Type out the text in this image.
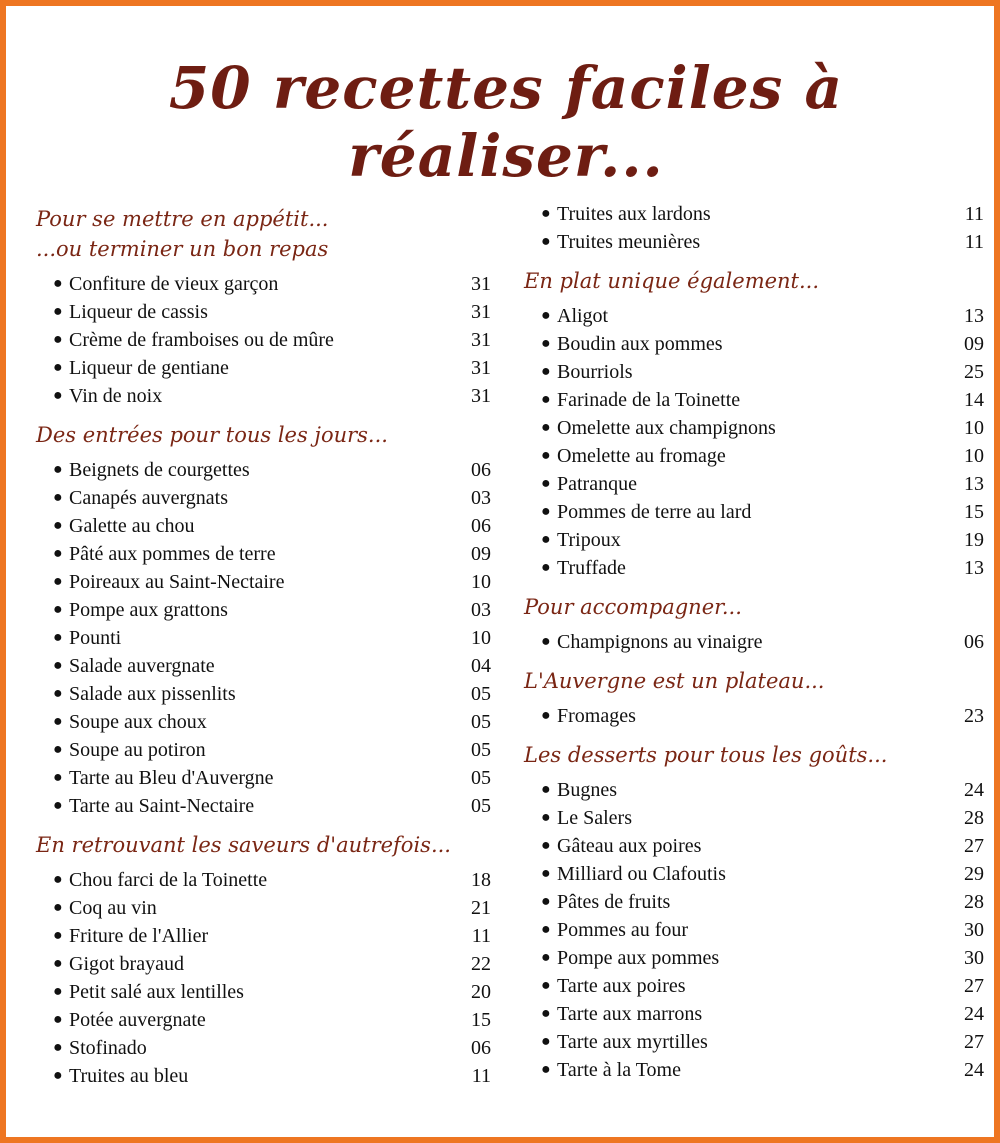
50 recettes faciles à réaliser...
Pour se mettre en appétit...
...ou terminer un bon repas
● Confiture de vieux garçon	31
● Liqueur de cassis	31
● Crème de framboises ou de mûre	31
● Liqueur de gentiane	31
● Vin de noix	31
Des entrées pour tous les jours...
● Beignets de courgettes	06
● Canapés auvergnats	03
● Galette au chou	06
● Pâté aux pommes de terre	09
● Poireaux au Saint-Nectaire	10
● Pompe aux grattons	03
● Pounti	10
● Salade auvergnate	04
● Salade aux pissenlits	05
● Soupe aux choux	05
● Soupe au potiron	05
● Tarte au Bleu d'Auvergne	05
● Tarte au Saint-Nectaire	05
En retrouvant les saveurs d'autrefois...
● Chou farci de la Toinette	18
● Coq au vin	21
● Friture de l'Allier	11
● Gigot brayaud	22
● Petit salé aux lentilles	20
● Potée auvergnate	15
● Stofinado	06
● Truites au bleu	11
● Truites aux lardons	11
● Truites meunières	11
En plat unique également...
● Aligot	13
● Boudin aux pommes	09
● Bourriols	25
● Farinade de la Toinette	14
● Omelette aux champignons	10
● Omelette au fromage	10
● Patranque	13
● Pommes de terre au lard	15
● Tripoux	19
● Truffade	13
Pour accompagner...
● Champignons au vinaigre	06
L'Auvergne est un plateau...
● Fromages	23
Les desserts pour tous les goûts...
● Bugnes	24
● Le Salers	28
● Gâteau aux poires	27
● Milliard ou Clafoutis	29
● Pâtes de fruits	28
● Pommes au four	30
● Pompe aux pommes	30
● Tarte aux poires	27
● Tarte aux marrons	24
● Tarte aux myrtilles	27
● Tarte à la Tome	24
